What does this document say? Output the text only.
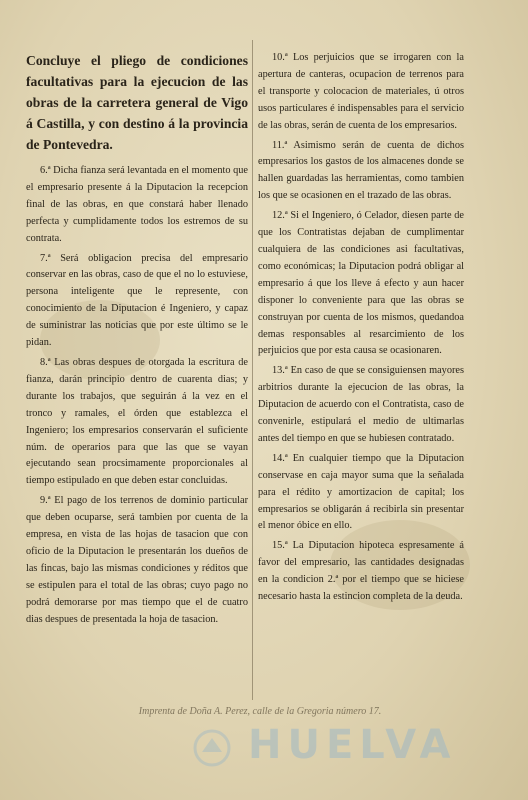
Concluye el pliego de condiciones facultativas para la ejecucion de las obras de la carretera general de Vigo á Castilla, y con destino á la provincia de Pontevedra.

6.ª Dicha fianza será levantada en el momento que el empresario presente á la Diputacion la recepcion final de las obras, en que constará haber llenado perfecta y cumplidamente todos los estremos de su contrata.

7.ª Será obligacion precisa del empresario conservar en las obras, caso de que el no lo estuviese, persona inteligente que le represente, con conocimiento de la Diputacion é Ingeniero, y capaz de suministrar las noticias que por este último se le pidan.

8.ª Las obras despues de otorgada la escritura de fianza, darán principio dentro de cuarenta dias; y durante los trabajos, que seguirán á la vez en el tronco y ramales, el órden que establezca el Ingeniero; los empresarios conservarán el suficiente núm. de operarios para que las que se vayan ejecutando sean procsimamente proporcionales al tiempo estipulado en que deben estar concluidas.

9.ª El pago de los terrenos de dominio particular que deben ocuparse, será tambien por cuenta de la empresa, en vista de las hojas de tasacion que con oficio de la Diputacion le presentarán los dueños de las fincas, bajo las mismas condiciones y réditos que se estipulen para el total de las obras; cuyo pago no podrá demorarse por mas tiempo que el de cuatro dias despues de presentada la hoja de tasacion.

10.ª Los perjuicios que se irrogaren con la apertura de canteras, ocupacion de terrenos para el transporte y colocacion de materiales, ú otros usos particulares é indispensables para el servicio de las obras, serán de cuenta de los empresarios.

11.ª Asimismo serán de cuenta de dichos empresarios los gastos de los almacenes donde se hallen guardadas las herramientas, como tambien los que se ocasionen en el trazado de las obras.

12.ª Si el Ingeniero, ó Celador, diesen parte de que los Contratistas dejaban de cumplimentar cualquiera de las condiciones asi facultativas, como económicas; la Diputacion podrá obligar al empresario á que los lleve á efecto y aun hacer disponer lo conveniente para que las obras se construyan por cuenta de los mismos, quedandoa demas responsables al resarcimiento de los perjuicios que por esta causa se ocasionaren.

13.ª En caso de que se consiguiensen mayores arbitrios durante la ejecucion de las obras, la Diputacion de acuerdo con el Contratista, caso de convenirle, estipulará el medio de ultimarlas antes del tiempo en que se hubiesen contratado.

14.ª En cualquier tiempo que la Diputacion conservase en caja mayor suma que la señalada para el rédito y amortizacion de capital; los empresarios se obligarán á recibirla sin presentar el menor óbice en ello.

15.ª La Diputacion hipoteca espresamente á favor del empresario, las cantidades designadas en la condicion 2.ª por el tiempo que se hiciese necesario hasta la estincion completa de la deuda.

Imprenta de Doña A. Perez, calle de la Gregoria número 17.
HUELVA
